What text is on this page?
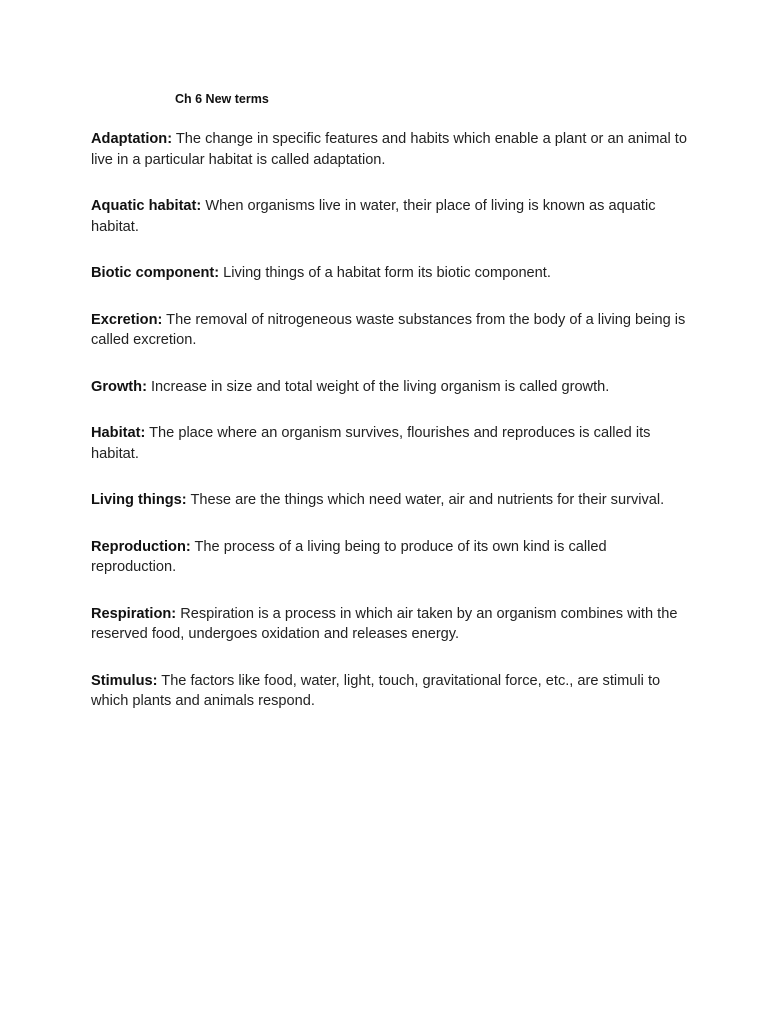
Ch 6 New terms
Adaptation: The change in specific features and habits which enable a plant or an animal to live in a particular habitat is called adaptation.
Aquatic habitat: When organisms live in water, their place of living is known as aquatic habitat.
Biotic component: Living things of a habitat form its biotic component.
Excretion: The removal of nitrogeneous waste substances from the body of a living being is called excretion.
Growth: Increase in size and total weight of the living organism is called growth.
Habitat: The place where an organism survives, flourishes and reproduces is called its habitat.
Living things: These are the things which need water, air and nutrients for their survival.
Reproduction: The process of a living being to produce of its own kind is called reproduction.
Respiration: Respiration is a process in which air taken by an organism combines with the reserved food, undergoes oxidation and releases energy.
Stimulus: The factors like food, water, light, touch, gravitational force, etc., are stimuli to which plants and animals respond.
